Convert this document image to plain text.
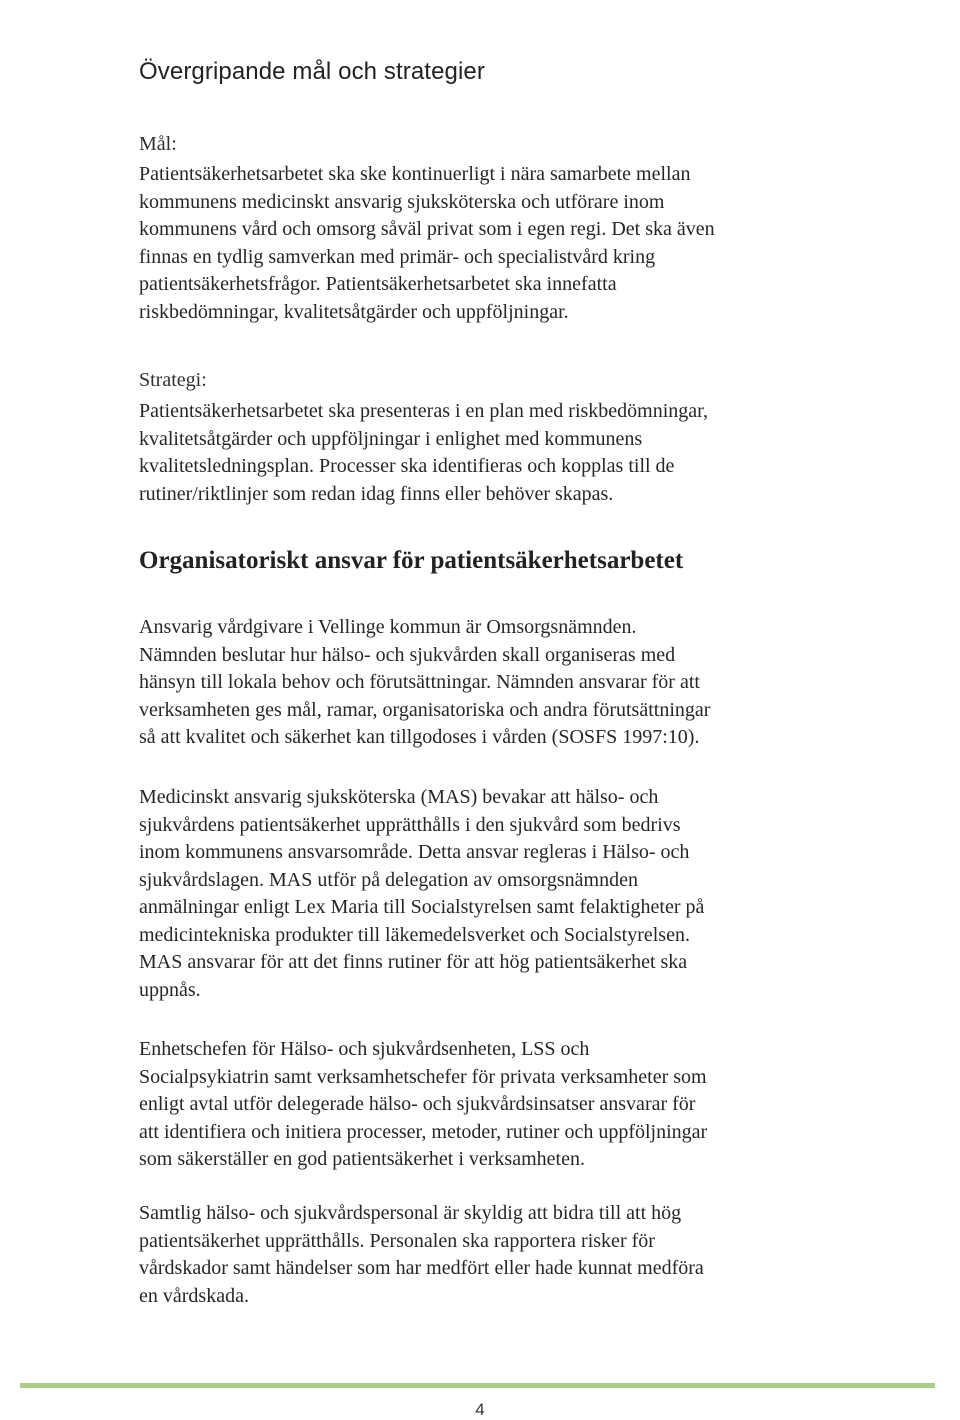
Övergripande mål och strategier

Mål:

Patientsäkerhetsarbetet ska ske kontinuerligt i nära samarbete mellan
kommunens medicinskt ansvarig sjuksköterska och utförare inom
kommunens vård och omsorg såväl privat som i egen regi. Det ska även
finnas en tydlig samverkan med primär- och specialistvård kring
patientsäkerhetsfrågor. Patientsäkerhetsarbetet ska innefatta
riskbedömningar, kvalitetsåtgärder och uppföljningar.

Strategi:

Patientsäkerhetsarbetet ska presenteras i en plan med riskbedömningar,
kvalitetsåtgärder och uppföljningar i enlighet med kommunens
kvalitetsledningsplan. Processer ska identifieras och kopplas till de
rutiner/riktlinjer som redan idag finns eller behöver skapas.

Organisatoriskt ansvar för patientsäkerhetsarbetet

Ansvarig vårdgivare i Vellinge kommun är Omsorgsnämnden.
Nämnden beslutar hur hälso- och sjukvården skall organiseras med
hänsyn till lokala behov och förutsättningar. Nämnden ansvarar för att
verksamheten ges mål, ramar, organisatoriska och andra förutsättningar
så att kvalitet och säkerhet kan tillgodoses i vården (SOSFS 1997:10).

Medicinskt ansvarig sjuksköterska (MAS) bevakar att hälso- och
sjukvårdens patientsäkerhet upprätthålls i den sjukvård som bedrivs
inom kommunens ansvarsområde. Detta ansvar regleras i Hälso- och
sjukvårdslagen. MAS utför på delegation av omsorgsnämnden
anmälningar enligt Lex Maria till Socialstyrelsen samt felaktigheter på
medicintekniska produkter till läkemedelsverket och Socialstyrelsen.
MAS ansvarar för att det finns rutiner för att hög patientsäkerhet ska
uppnås.

Enhetschefen för Hälso- och sjukvårdsenheten, LSS och
Socialpsykiatrin samt verksamhetschefer för privata verksamheter som
enligt avtal utför delegerade hälso- och sjukvårdsinsatser ansvarar för
att identifiera och initiera processer, metoder, rutiner och uppföljningar
som säkerställer en god patientsäkerhet i verksamheten.

Samtlig hälso- och sjukvårdspersonal är skyldig att bidra till att hög
patientsäkerhet upprätthålls. Personalen ska rapportera risker för
vårdskador samt händelser som har medfört eller hade kunnat medföra
en vårdskada.

4
